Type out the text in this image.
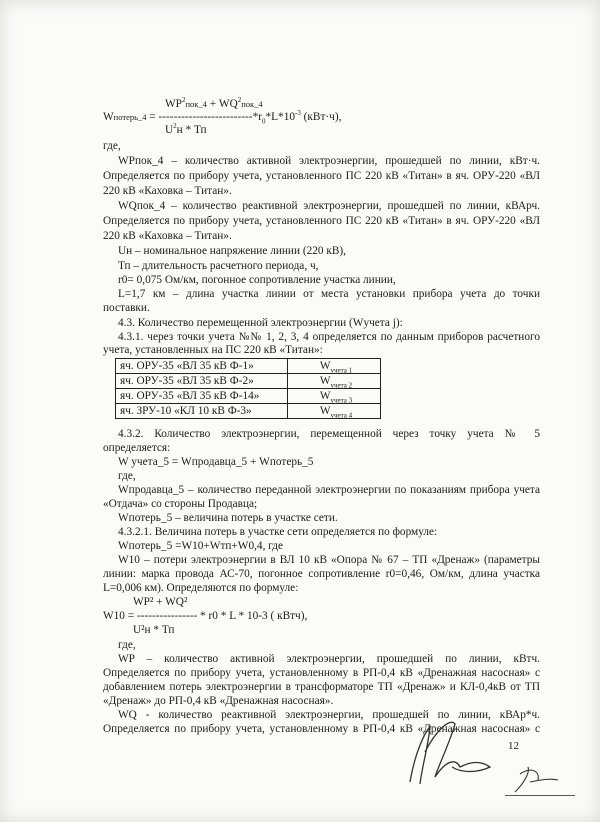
$WP^2пок\_4$ + $WQ^2пок\_4$
Wпотерь_4 = $-------------------------*r_0*L*10^{-3}$ (кВт·ч),
$U^2н$ * Тп
где,
WPпок_4 – количество активной электроэнергии, прошедшей по линии, кВт·ч.
Определяется по прибору учета, установленного ПС 220 кВ «Титан» в яч. ОРУ-220 «ВЛ
220 кВ «Каховка – Титан».
WQпок_4 – количество реактивной электроэнергии, прошедшей по линии, кВАрч.
Определяется по прибору учета, установленного ПС 220 кВ «Титан» в яч. ОРУ-220 «ВЛ
220 кВ «Каховка – Титан».
Uн – номинальное напряжение линии (220 кВ),
Тп – длительность расчетного периода, ч,
r0= 0,075 Ом/км, погонное сопротивление участка линии,
L=1,7 км – длина участка линии от места установки прибора учета до точки
поставки.
4.3. Количество перемещенной электроэнергии (Wучета j):
4.3.1. через точки учета №№ 1, 2, 3, 4 определяется по данным приборов расчетного
учета, установленных на ПС 220 кВ «Титан»:
яч. ОРУ-35 «ВЛ 35 кВ Ф-1»	$W_{учета 1}$
яч. ОРУ-35 «ВЛ 35 кВ Ф-2»	$W_{учета 2}$
яч. ОРУ-35 «ВЛ 35 кВ Ф-14»	$W_{учета 3}$
яч. ЗРУ-10 «КЛ 10 кВ Ф-3»	$W_{учета 4}$
4.3.2. Количество электроэнергии, перемещенной через точку учета № 5
определяется:
W учета_5 = Wпродавца_5 + Wпотерь_5
где,
Wпродавца_5 – количество переданной электроэнергии по показаниям прибора учета
«Отдача» со стороны Продавца;
Wпотерь_5 – величина потерь в участке сети.
4.3.2.1. Величина потерь в участке сети определяется по формуле:
Wпотерь_5 =W10+Wтп+W0,4, где
W10 – потери электроэнергии в ВЛ 10 кВ «Опора № 67 – ТП «Дренаж» (параметры
линии: марка провода АС-70, погонное сопротивление r0=0,46, Ом/км, длина участка
L=0,006 км). Определяются по формуле:
WP² + WQ²
W10 = ---------------- * r0 * L * 10-3 ( кВтч),
U²н * Тп
где,
WP – количество активной электроэнергии, прошедшей по линии, кВтч.
Определяется по прибору учета, установленному в РП-0,4 кВ «Дренажная насосная» с
добавлением потерь электроэнергии в трансформаторе ТП «Дренаж» и КЛ-0,4кВ от ТП
«Дренаж» до РП-0,4 кВ «Дренажная насосная».
WQ - количество реактивной электроэнергии, прошедшей по линии, кВАр*ч.
Определяется по прибору учета, установленному в РП-0,4 кВ «Дренажная насосная» с
12
